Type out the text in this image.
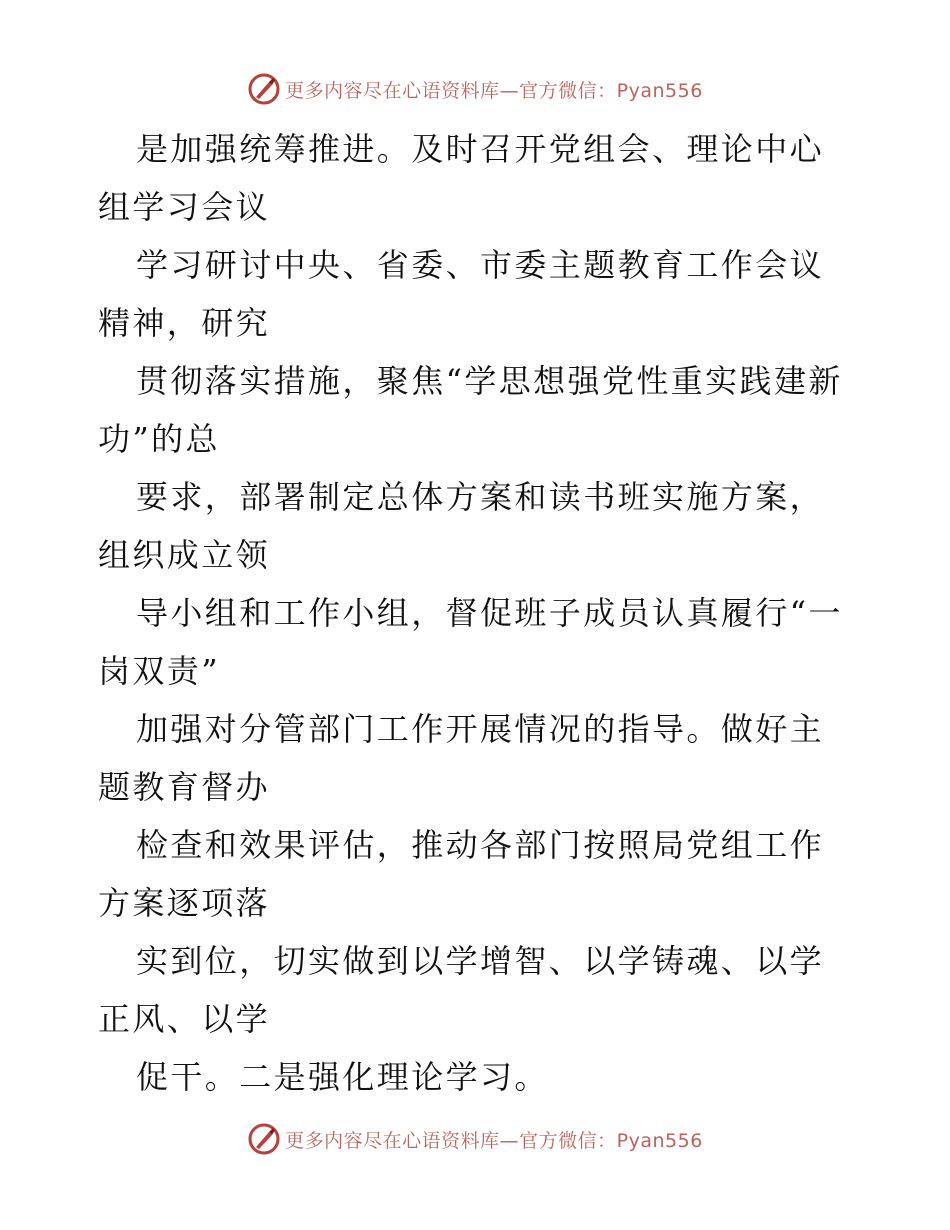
更多内容尽在心语资料库—官方微信：Pyan556

是加强统筹推进。及时召开党组会、理论中心组学习会议

学习研讨中央、省委、市委主题教育工作会议精神，研究

贯彻落实措施，聚焦“学思想强党性重实践建新功”的总

要求，部署制定总体方案和读书班实施方案，组织成立领

导小组和工作小组，督促班子成员认真履行“一岗双责”

加强对分管部门工作开展情况的指导。做好主题教育督办

检查和效果评估，推动各部门按照局党组工作方案逐项落

实到位，切实做到以学增智、以学铸魂、以学正风、以学

促干。二是强化理论学习。

更多内容尽在心语资料库—官方微信：Pyan556
